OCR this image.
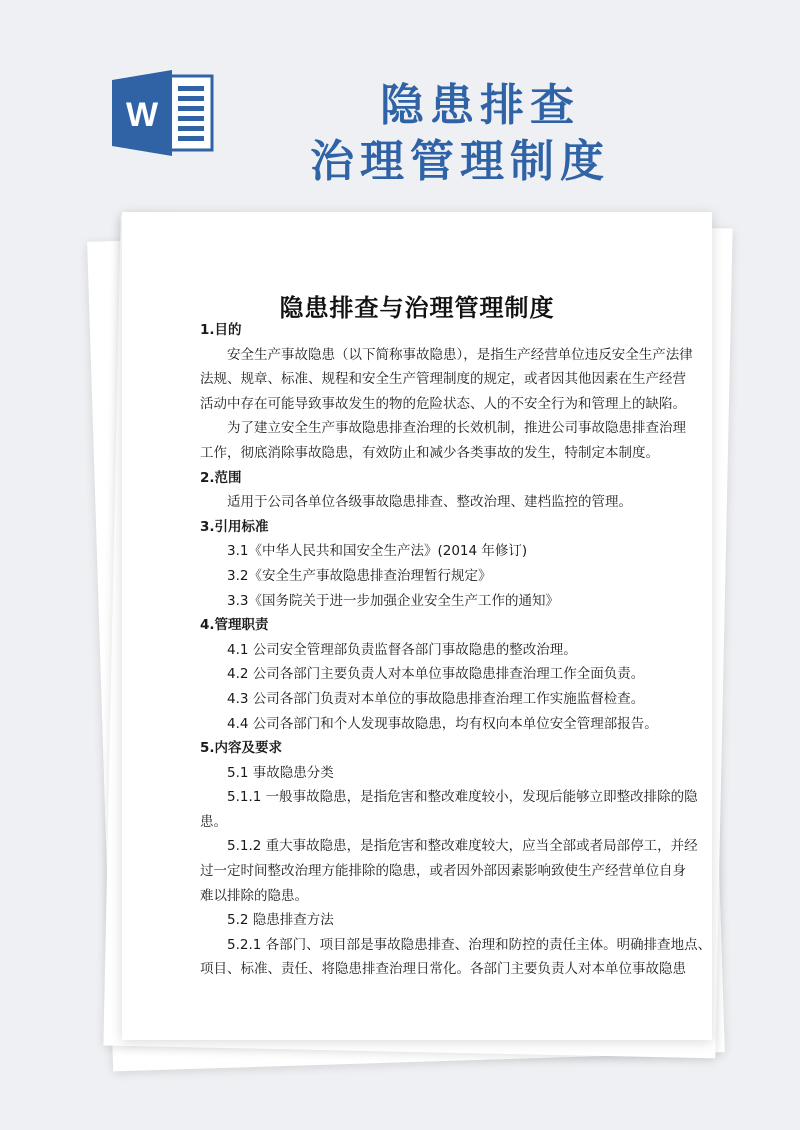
W	隐患排查
治理管理制度
隐患排查与治理管理制度
1.目的
安全生产事故隐患（以下简称事故隐患），是指生产经营单位违反安全生产法律
法规、规章、标准、规程和安全生产管理制度的规定，或者因其他因素在生产经营
活动中存在可能导致事故发生的物的危险状态、人的不安全行为和管理上的缺陷。
为了建立安全生产事故隐患排查治理的长效机制，推进公司事故隐患排查治理
工作，彻底消除事故隐患，有效防止和减少各类事故的发生，特制定本制度。
2.范围
适用于公司各单位各级事故隐患排查、整改治理、建档监控的管理。
3.引用标准
3.1《中华人民共和国安全生产法》(2014 年修订)
3.2《安全生产事故隐患排查治理暂行规定》
3.3《国务院关于进一步加强企业安全生产工作的通知》
4.管理职责
4.1 公司安全管理部负责监督各部门事故隐患的整改治理。
4.2 公司各部门主要负责人对本单位事故隐患排查治理工作全面负责。
4.3 公司各部门负责对本单位的事故隐患排查治理工作实施监督检查。
4.4 公司各部门和个人发现事故隐患，均有权向本单位安全管理部报告。
5.内容及要求
5.1 事故隐患分类
5.1.1 一般事故隐患，是指危害和整改难度较小，发现后能够立即整改排除的隐
患。
5.1.2 重大事故隐患，是指危害和整改难度较大，应当全部或者局部停工，并经
过一定时间整改治理方能排除的隐患，或者因外部因素影响致使生产经营单位自身
难以排除的隐患。
5.2 隐患排查方法
5.2.1 各部门、项目部是事故隐患排查、治理和防控的责任主体。明确排查地点、
项目、标准、责任、将隐患排查治理日常化。各部门主要负责人对本单位事故隐患
